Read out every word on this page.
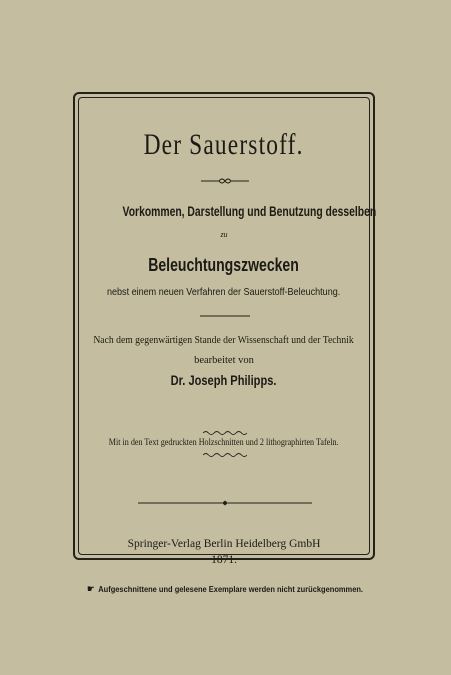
Der Sauerstoff.
Vorkommen, Darstellung und Benutzung desselben
zu
Beleuchtungszwecken
nebst einem neuen Verfahren der Sauerstoff-Beleuchtung.
Nach dem gegenwärtigen Stande der Wissenschaft und der Technik
bearbeitet von
Dr. Joseph Philipps.
Mit in den Text gedruckten Holzschnitten und 2 lithographirten Tafeln.
Springer-Verlag Berlin Heidelberg GmbH
1871.
☛ Aufgeschnittene und gelesene Exemplare werden nicht zurückgenommen.
